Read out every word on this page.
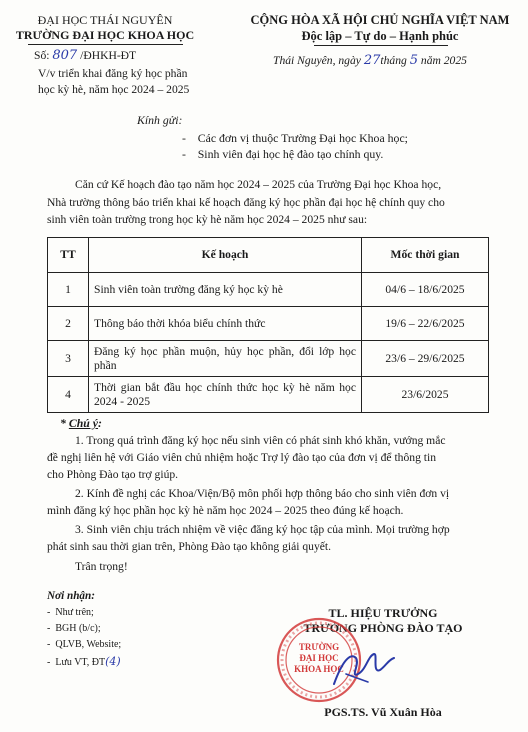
ĐẠI HỌC THÁI NGUYÊN
TRƯỜNG ĐẠI HỌC KHOA HỌC
Số: 807 /ĐHKH-ĐT
V/v triển khai đăng ký học phần
học kỳ hè, năm học 2024 – 2025
CỘNG HÒA XÃ HỘI CHỦ NGHĨA VIỆT NAM
Độc lập – Tự do – Hạnh phúc
Thái Nguyên, ngày 27tháng 5 năm 2025
Kính gửi:
-    Các đơn vị thuộc Trường Đại học Khoa học;
-    Sinh viên đại học hệ đào tạo chính quy.
Căn cứ Kế hoạch đào tạo năm học 2024 – 2025 của Trường Đại học Khoa học,
Nhà trường thông báo triển khai kế hoạch đăng ký học phần đại học hệ chính quy cho
sinh viên toàn trường trong học kỳ hè năm học 2024 – 2025 như sau:
TT	Kế hoạch	Mốc thời gian
1	Sinh viên toàn trường đăng ký học kỳ hè	04/6 – 18/6/2025
2	Thông báo thời khóa biểu chính thức	19/6 – 22/6/2025
3	Đăng ký học phần muộn, hủy học phần, đổi lớp học phần	23/6 – 29/6/2025
4	Thời gian bắt đầu học chính thức học kỳ hè năm học 2024 - 2025	23/6/2025
* Chú ý:
1. Trong quá trình đăng ký học nếu sinh viên có phát sinh khó khăn, vướng mắc
đề nghị liên hệ với Giáo viên chủ nhiệm hoặc Trợ lý đào tạo của đơn vị để thông tin
cho Phòng Đào tạo trợ giúp.
2. Kính đề nghị các Khoa/Viện/Bộ môn phối hợp thông báo cho sinh viên đơn vị
mình đăng ký học phần học kỳ hè năm học 2024 – 2025 theo đúng kế hoạch.
3. Sinh viên chịu trách nhiệm về việc đăng ký học tập của mình. Mọi trường hợp
phát sinh sau thời gian trên, Phòng Đào tạo không giải quyết.
Trân trọng!
Nơi nhận:
-  Như trên;
-  BGH (b/c);
-  QLVB, Website;
-  Lưu VT, ĐT(4)
TL. HIỆU TRƯỞNG
TRƯỞNG PHÒNG ĐÀO TẠO
TRƯỜNG
ĐẠI HỌC
KHOA HỌC
PGS.TS. Vũ Xuân Hòa
